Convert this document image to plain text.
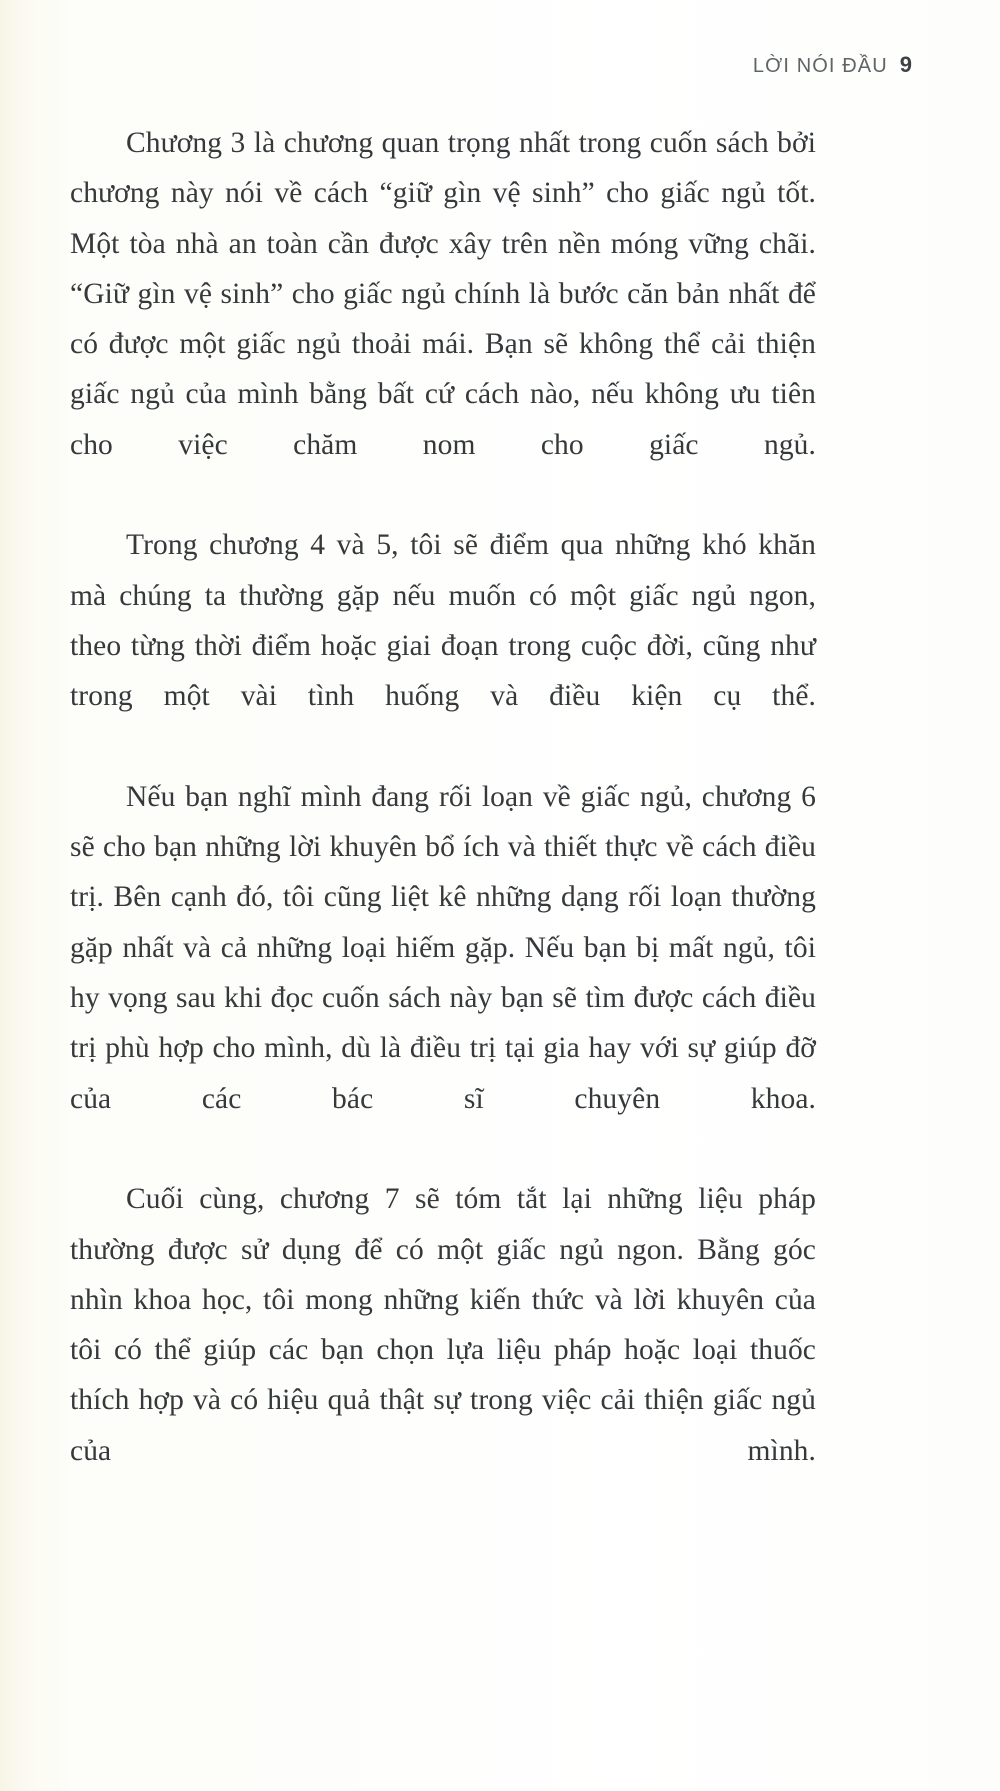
LỜI NÓI ĐẦU 9

Chương 3 là chương quan trọng nhất trong cuốn sách bởi chương này nói về cách “giữ gìn vệ sinh” cho giấc ngủ tốt. Một tòa nhà an toàn cần được xây trên nền móng vững chãi. “Giữ gìn vệ sinh” cho giấc ngủ chính là bước căn bản nhất để có được một giấc ngủ thoải mái. Bạn sẽ không thể cải thiện giấc ngủ của mình bằng bất cứ cách nào, nếu không ưu tiên cho việc chăm nom cho giấc ngủ.

Trong chương 4 và 5, tôi sẽ điểm qua những khó khăn mà chúng ta thường gặp nếu muốn có một giấc ngủ ngon, theo từng thời điểm hoặc giai đoạn trong cuộc đời, cũng như trong một vài tình huống và điều kiện cụ thể.

Nếu bạn nghĩ mình đang rối loạn về giấc ngủ, chương 6 sẽ cho bạn những lời khuyên bổ ích và thiết thực về cách điều trị. Bên cạnh đó, tôi cũng liệt kê những dạng rối loạn thường gặp nhất và cả những loại hiếm gặp. Nếu bạn bị mất ngủ, tôi hy vọng sau khi đọc cuốn sách này bạn sẽ tìm được cách điều trị phù hợp cho mình, dù là điều trị tại gia hay với sự giúp đỡ của các bác sĩ chuyên khoa.

Cuối cùng, chương 7 sẽ tóm tắt lại những liệu pháp thường được sử dụng để có một giấc ngủ ngon. Bằng góc nhìn khoa học, tôi mong những kiến thức và lời khuyên của tôi có thể giúp các bạn chọn lựa liệu pháp hoặc loại thuốc thích hợp và có hiệu quả thật sự trong việc cải thiện giấc ngủ của mình.
